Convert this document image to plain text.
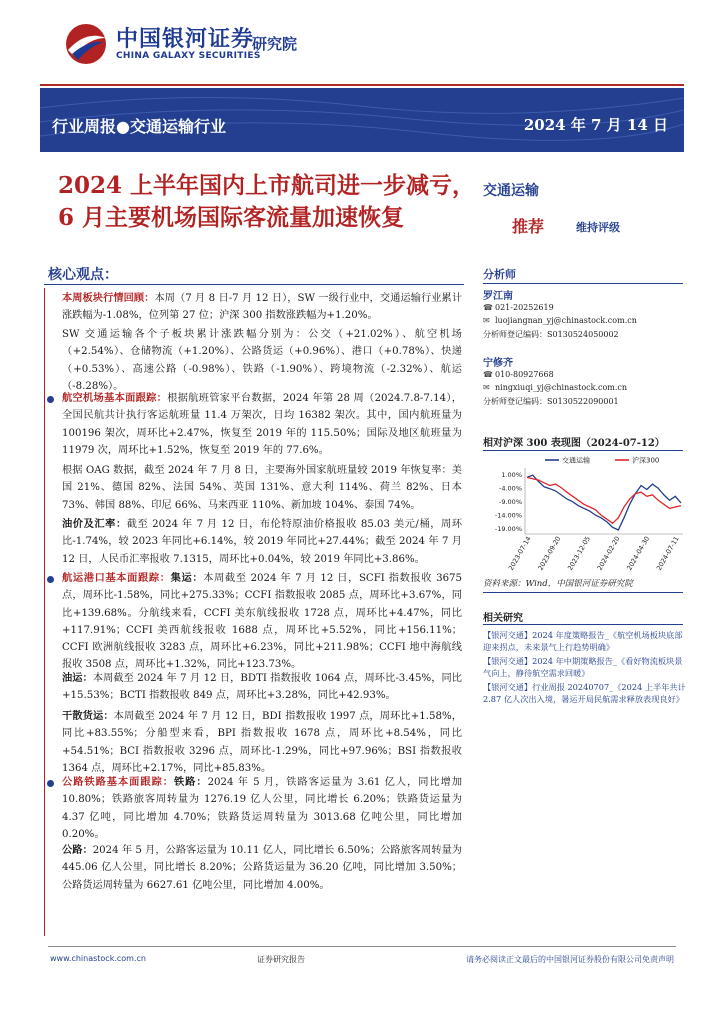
中国银河证券
CHINA GALAXY SECURITIES
研究院
行业周报●交通运输行业	2024 年 7 月 14 日
2024 上半年国内上市航司进一步减亏，
6 月主要机场国际客流量加速恢复
交通运输
推荐	维持评级
核心观点：
本周板块行情回顾：本周（7 月 8 日-7 月 12 日），SW 一级行业中，交通运输行业累计涨跌幅为-1.08%，位列第 27 位；沪深 300 指数涨跌幅为+1.20%。
SW 交通运输各个子板块累计涨跌幅分别为：公交（+21.02%）、航空机场（+2.54%）、仓储物流（+1.20%）、公路货运（+0.96%）、港口（+0.78%）、快递（+0.53%）、高速公路（-0.98%）、铁路（-1.90%）、跨境物流（-2.32%）、航运（-8.28%）。
航空机场基本面跟踪：根据航班管家平台数据，2024 年第 28 周（2024.7.8-7.14），全国民航共计执行客运航班量 11.4 万架次，日均 16382 架次。其中，国内航班量为 100196 架次，周环比+2.47%，恢复至 2019 年的 115.50%；国际及地区航班量为 11979 次，周环比+1.52%，恢复至 2019 年的 77.6%。
根据 OAG 数据，截至 2024 年 7 月 8 日，主要海外国家航班量较 2019 年恢复率：美国 21%、德国 82%、法国 54%、英国 131%、意大利 114%、荷兰 82%、日本 73%、韩国 88%、印尼 66%、马来西亚 110%、新加坡 104%、泰国 74%。
油价及汇率：截至 2024 年 7 月 12 日，布伦特原油价格报收 85.03 美元/桶，周环比-1.74%，较 2023 年同比+6.14%，较 2019 年同比+27.44%；截至 2024 年 7 月 12 日，人民币汇率报收 7.1315，周环比+0.04%，较 2019 年同比+3.86%。
航运港口基本面跟踪：集运：本周截至 2024 年 7 月 12 日，SCFI 指数报收 3675 点，周环比-1.58%，同比+275.33%；CCFI 指数报收 2085 点，周环比+3.67%，同比+139.68%。分航线来看，CCFI 美东航线报收 1728 点，周环比+4.47%，同比+117.91%；CCFI 美西航线报收 1688 点，周环比+5.52%，同比+156.11%；CCFI 欧洲航线报收 3283 点，周环比+6.23%，同比+211.98%；CCFI 地中海航线报收 3508 点，周环比+1.32%，同比+123.73%。
油运：本周截至 2024 年 7 月 12 日，BDTI 指数报收 1064 点，周环比-3.45%，同比+15.53%；BCTI 指数报收 849 点，周环比+3.28%，同比+42.93%。
干散货运：本周截至 2024 年 7 月 12 日，BDI 指数报收 1997 点，周环比+1.58%，同比+83.55%；分船型来看，BPI 指数报收 1678 点，周环比+8.54%，同比+54.51%；BCI 指数报收 3296 点，周环比-1.29%，同比+97.96%；BSI 指数报收 1364 点，周环比+2.17%，同比+85.83%。
公路铁路基本面跟踪：铁路：2024 年 5 月，铁路客运量为 3.61 亿人，同比增加 10.80%；铁路旅客周转量为 1276.19 亿人公里，同比增长 6.20%；铁路货运量为 4.37 亿吨，同比增加 4.70%；铁路货运周转量为 3013.68 亿吨公里，同比增加 0.20%。
公路：2024 年 5 月，公路客运量为 10.11 亿人，同比增长 6.50%；公路旅客周转量为 445.06 亿人公里，同比增长 8.20%；公路货运量为 36.20 亿吨，同比增加 3.50%；公路货运周转量为 6627.61 亿吨公里，同比增加 4.00%。
分析师
罗江南
☎ 021-20252619
✉ luojiangnan_yj@chinastock.com.cn
分析师登记编码：S0130524050002
宁修齐
☎ 010-80927668
✉ ningxiuqi_yj@chinastock.com.cn
分析师登记编码：S0130522090001
相对沪深 300 表现图（2024-07-12）
1.00%
-4.00%
-9.00%
-14.00%
-19.00%
2023-07-14 2023-09-20 2023-12-05 2024-02-20 2024-04-30 2024-07-11
交通运输	沪深300
资料来源：Wind，中国银河证券研究院
相关研究
【银河交通】2024 年度策略报告_《航空机场板块底部迎来拐点，未来景气上行趋势明确》
【银河交通】2024 年中期策略报告_《看好物流板块景气向上，静待航空需求回暖》
【银河交通】行业周报 20240707_《2024 上半年共计 2.87 亿人次出入境，暑运开局民航需求释放表现良好》
www.chinastock.com.cn	证券研究报告	请务必阅读正文最后的中国银河证券股份有限公司免责声明
